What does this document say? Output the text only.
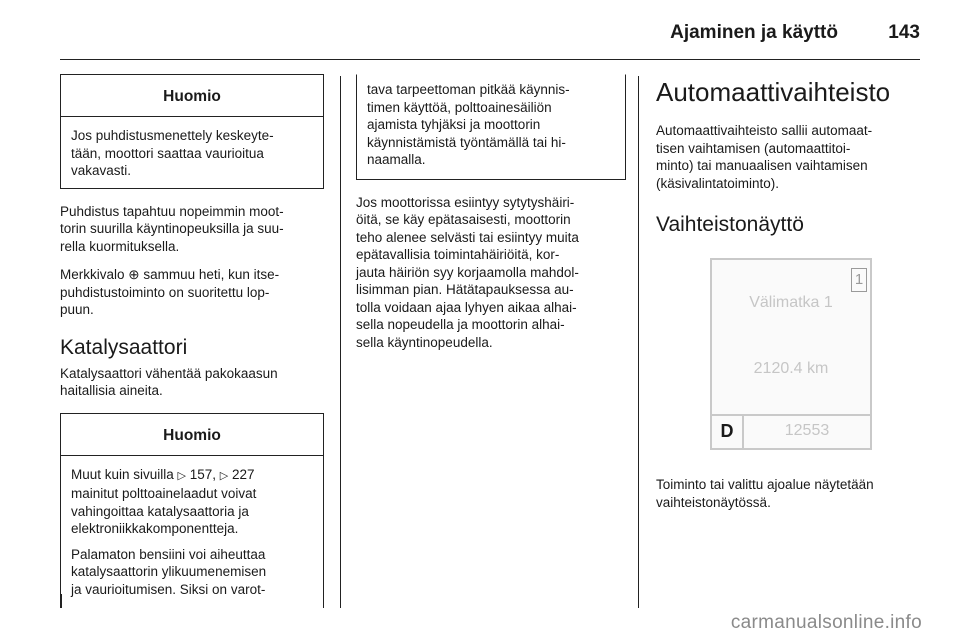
Ajaminen ja käyttö	143
Huomio

Jos puhdistusmenettely keskeyte-
tään, moottori saattaa vaurioitua
vakavasti.

Puhdistus tapahtuu nopeimmin moot-
torin suurilla käyntinopeuksilla ja suu-
rella kuormituksella.

Merkkivalo ⊕ sammuu heti, kun itse-
puhdistustoiminto on suoritettu lop-
puun.

Katalysaattori

Katalysaattori vähentää pakokaasun
haitallisia aineita.

Huomio

Muut kuin sivuilla ▷ 157, ▷ 227
mainitut polttoainelaadut voivat
vahingoittaa katalysaattoria ja
elektroniikkakomponentteja.

Palamaton bensiini voi aiheuttaa
katalysaattorin ylikuumenemisen
ja vaurioitumisen. Siksi on varot-

tava tarpeettoman pitkää käynnis-
timen käyttöä, polttoainesäiliön
ajamista tyhjäksi ja moottorin
käynnistämistä työntämällä tai hi-
naamalla.

Jos moottorissa esiintyy sytytyshäiri-
öitä, se käy epätasaisesti, moottorin
teho alenee selvästi tai esiintyy muita
epätavallisia toimintahäiriöitä, kor-
jauta häiriön syy korjaamolla mahdol-
lisimman pian. Hätätapauksessa au-
tolla voidaan ajaa lyhyen aikaa alhai-
sella nopeudella ja moottorin alhai-
sella käyntinopeudella.

Automaattivaihteisto

Automaattivaihteisto sallii automaat-
tisen vaihtamisen (automaattitoi-
minto) tai manuaalisen vaihtamisen
(käsivalintatoiminto).

Vaihteistonäyttö
1
Välimatka 1
2120.4 km
D	12553

Toiminto tai valittu ajoalue näytetään
vaihteistonäytössä.

carmanualsonline.info
